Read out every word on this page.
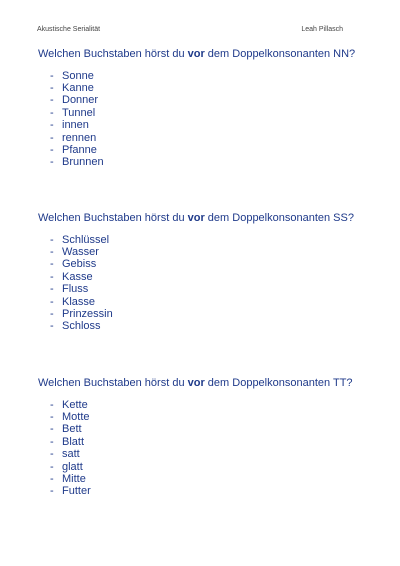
Akustische Serialität	Leah Pillasch

Welchen Buchstaben hörst du vor dem Doppelkonsonanten NN?

- Sonne
- Kanne
- Donner
- Tunnel
- innen
- rennen
- Pfanne
- Brunnen

Welchen Buchstaben hörst du vor dem Doppelkonsonanten SS?

- Schlüssel
- Wasser
- Gebiss
- Kasse
- Fluss
- Klasse
- Prinzessin
- Schloss

Welchen Buchstaben hörst du vor dem Doppelkonsonanten TT?

- Kette
- Motte
- Bett
- Blatt
- satt
- glatt
- Mitte
- Futter
